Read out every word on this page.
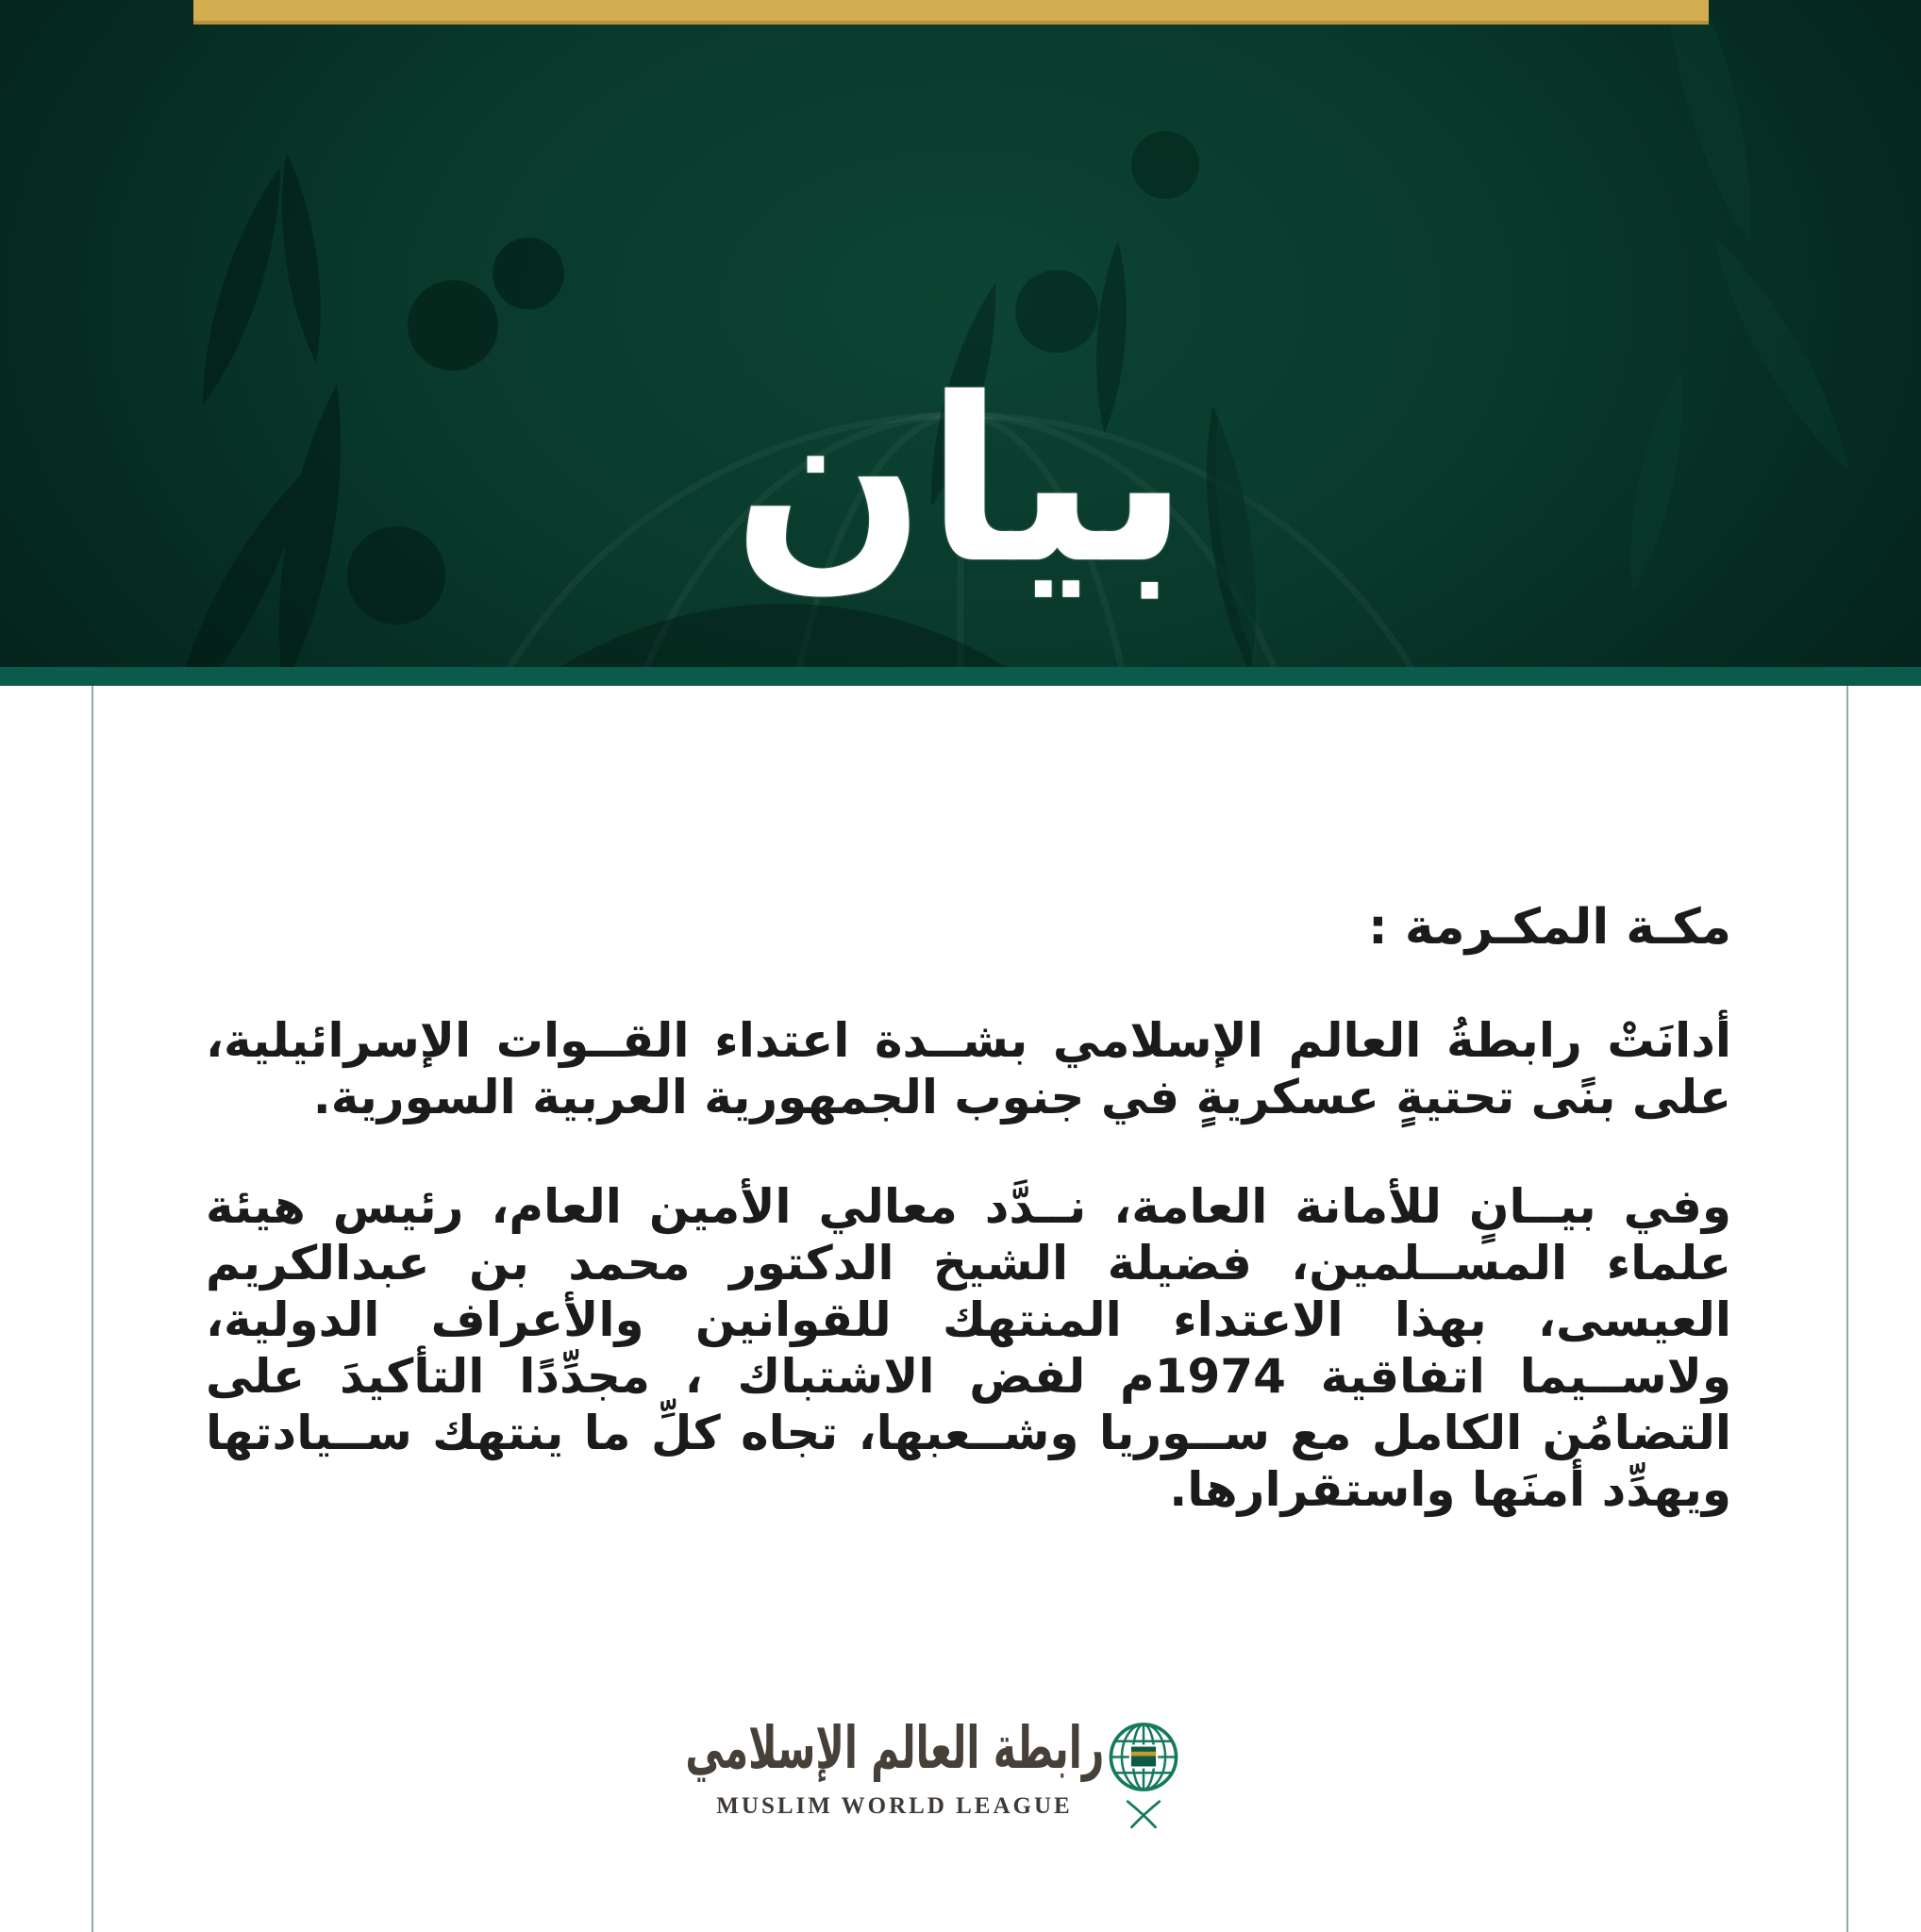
بيان
مكـة المكـرمة :

أدانَتْ رابطةُ العالم الإسلامي بشــدة اعتداء القــوات الإسرائيلية، على بنًى تحتيةٍ عسكريةٍ في جنوب الجمهورية العربية السورية.

وفي بيــانٍ للأمانة العامة، نــدَّد معالي الأمين العام، رئيس هيئة علماء المســلمين، فضيلة الشيخ الدكتور محمد بن عبدالكريم العيسى، بهذا الاعتداء المنتهك للقوانين والأعراف الدولية، ولاســيما اتفاقية 1974م لفض الاشتباك ، مجدِّدًا التأكيدَ على التضامُن الكامل مع ســوريا وشــعبها، تجاه كلِّ ما ينتهك ســيادتها ويهدِّد أمنَها واستقرارها.

رابطة العالم الإسلامي
MUSLIM WORLD LEAGUE
